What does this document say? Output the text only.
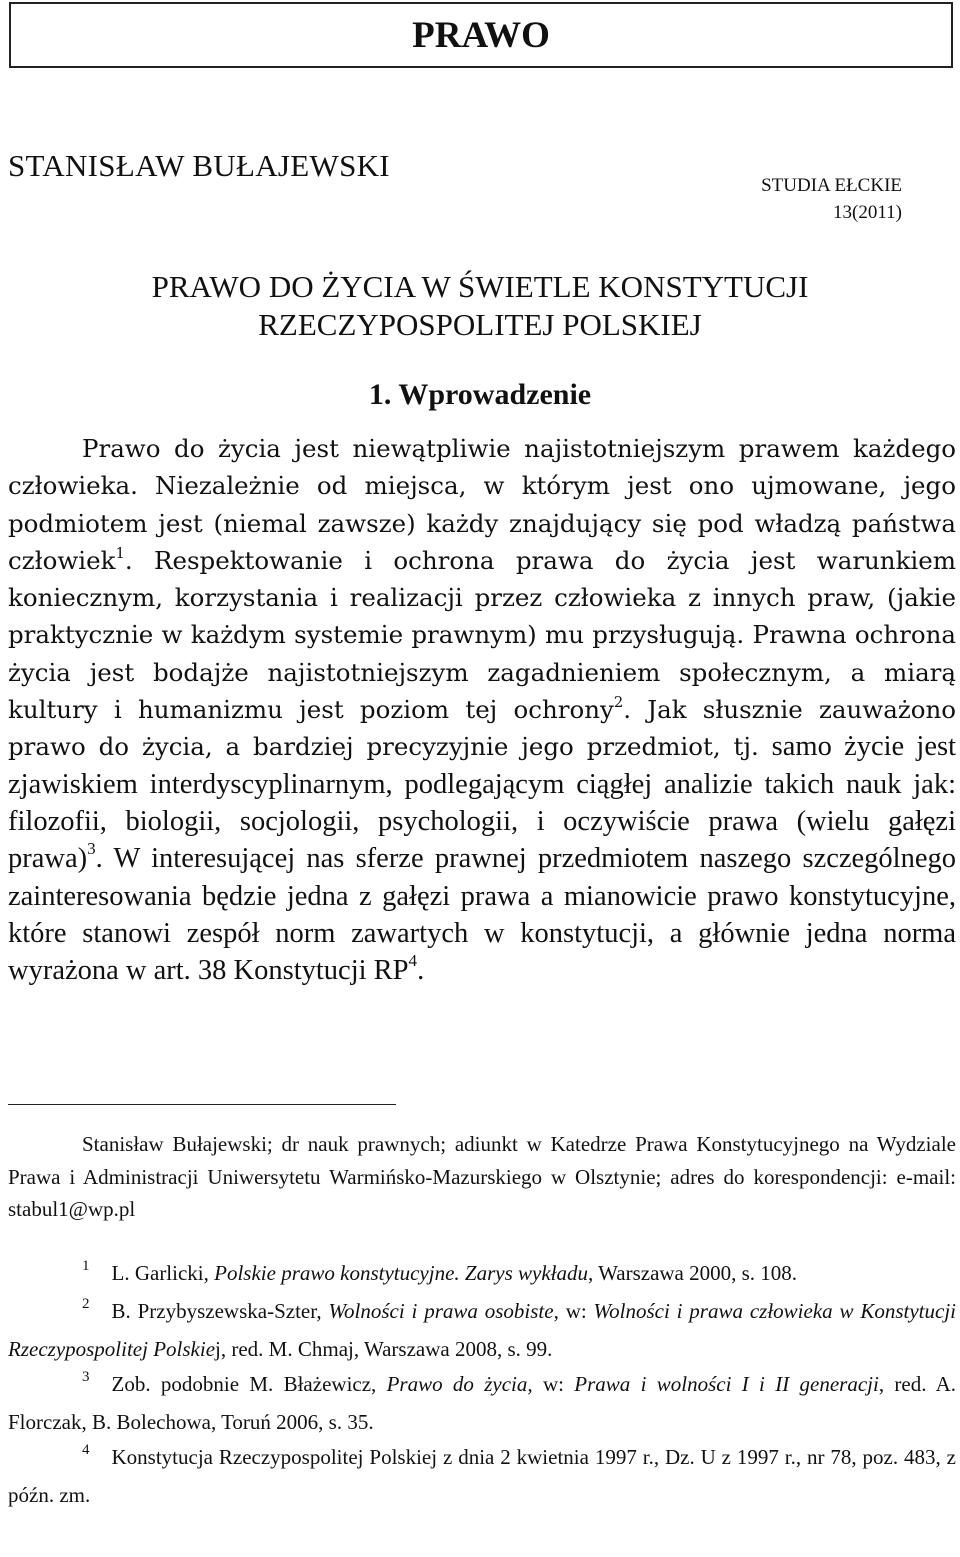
PRAWO
STANISŁAW BUŁAJEWSKI
STUDIA EŁCKIE
13(2011)
PRAWO DO ŻYCIA W ŚWIETLE KONSTYTUCJI
RZECZYPOSPOLITEJ POLSKIEJ
1. Wprowadzenie

Prawo do życia jest niewątpliwie najistotniejszym prawem każdego człowieka. Niezależnie od miejsca, w którym jest ono ujmowane, jego podmiotem jest (niemal zawsze) każdy znajdujący się pod władzą państwa człowiek$^1$. Respektowanie i ochrona prawa do życia jest warunkiem koniecznym, korzystania i realizacji przez człowieka z innych praw, (jakie praktycznie w każdym systemie prawnym) mu przysługują. Prawna ochrona życia jest bodajże najistotniejszym zagadnieniem społecznym, a miarą kultury i humanizmu jest poziom tej ochrony$^2$. Jak słusznie zauważono prawo do życia, a bardziej precyzyjnie jego przedmiot, tj. samo życie jest zjawiskiem interdyscyplinarnym, podlegającym ciągłej analizie takich nauk jak: filozofii, biologii, socjologii, psychologii, i oczywiście prawa (wielu gałęzi prawa)$^3$. W interesującej nas sferze prawnej przedmiotem naszego szczególnego zainteresowania będzie jedna z gałęzi prawa a mianowicie prawo konstytucyjne, które stanowi zespół norm zawartych w konstytucji, a głównie jedna norma wyrażona w art. 38 Konstytucji $RP^4$.

Stanisław Bułajewski; dr nauk prawnych; adiunkt w Katedrze Prawa Konstytucyjnego na Wydziale Prawa i Administracji Uniwersytetu Warmińsko-Mazurskiego w Olsztynie; adres do korespondencji: e-mail: stabul1@wp.pl

$^1$ L. Garlicki, Polskie prawo konstytucyjne. Zarys wykładu, Warszawa 2000, s. 108.

$^2$ B. Przybyszewska-Szter, Wolności i prawa osobiste, w: Wolności i prawa człowieka w Konstytucji Rzeczypospolitej Polskiej, red. M. Chmaj, Warszawa 2008, s. 99.

$^3$ Zob. podobnie M. Błażewicz, Prawo do życia, w: Prawa i wolności I i II generacji, red. A. Florczak, B. Bolechowa, Toruń 2006, s. 35.

$^4$ Konstytucja Rzeczypospolitej Polskiej z dnia 2 kwietnia 1997 r., Dz. U z 1997 r., nr 78, poz. 483, z późn. zm.
